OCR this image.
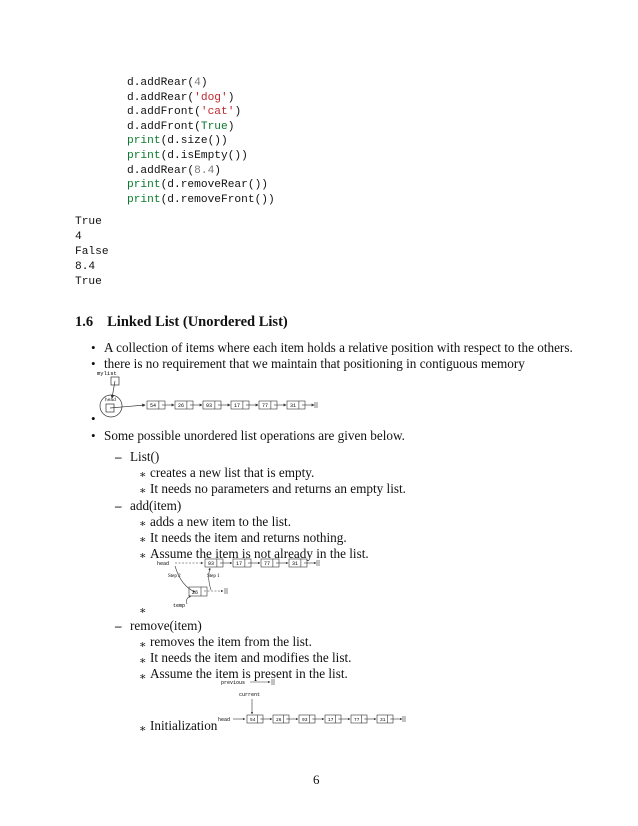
d.addRear(4)
d.addRear('dog')
d.addFront('cat')
d.addFront(True)
print(d.size())
print(d.isEmpty())
d.addRear(8.4)
print(d.removeRear())
print(d.removeFront())
True
4
False
8.4
True
1.6 Linked List (Unordered List)
• A collection of items where each item holds a relative position with respect to the others.
• there is no requirement that we maintain that positioning in contiguous memory
mylist
head
54	26	93	17	77	31
•
• Some possible unordered list operations are given below.
– List()
∗ creates a new list that is empty.
∗ It needs no parameters and returns an empty list.
– add(item)
∗ adds a new item to the list.
∗ It needs the item and returns nothing.
∗ Assume the item is not already in the list.
head	93	17	77	31
Step 2	Step 1
26
temp
∗
– remove(item)
∗ removes the item from the list.
∗ It needs the item and modifies the list.
∗ Assume the item is present in the list.
previous
current
head	54	26	93	17	77	31
∗ Initialization
6
